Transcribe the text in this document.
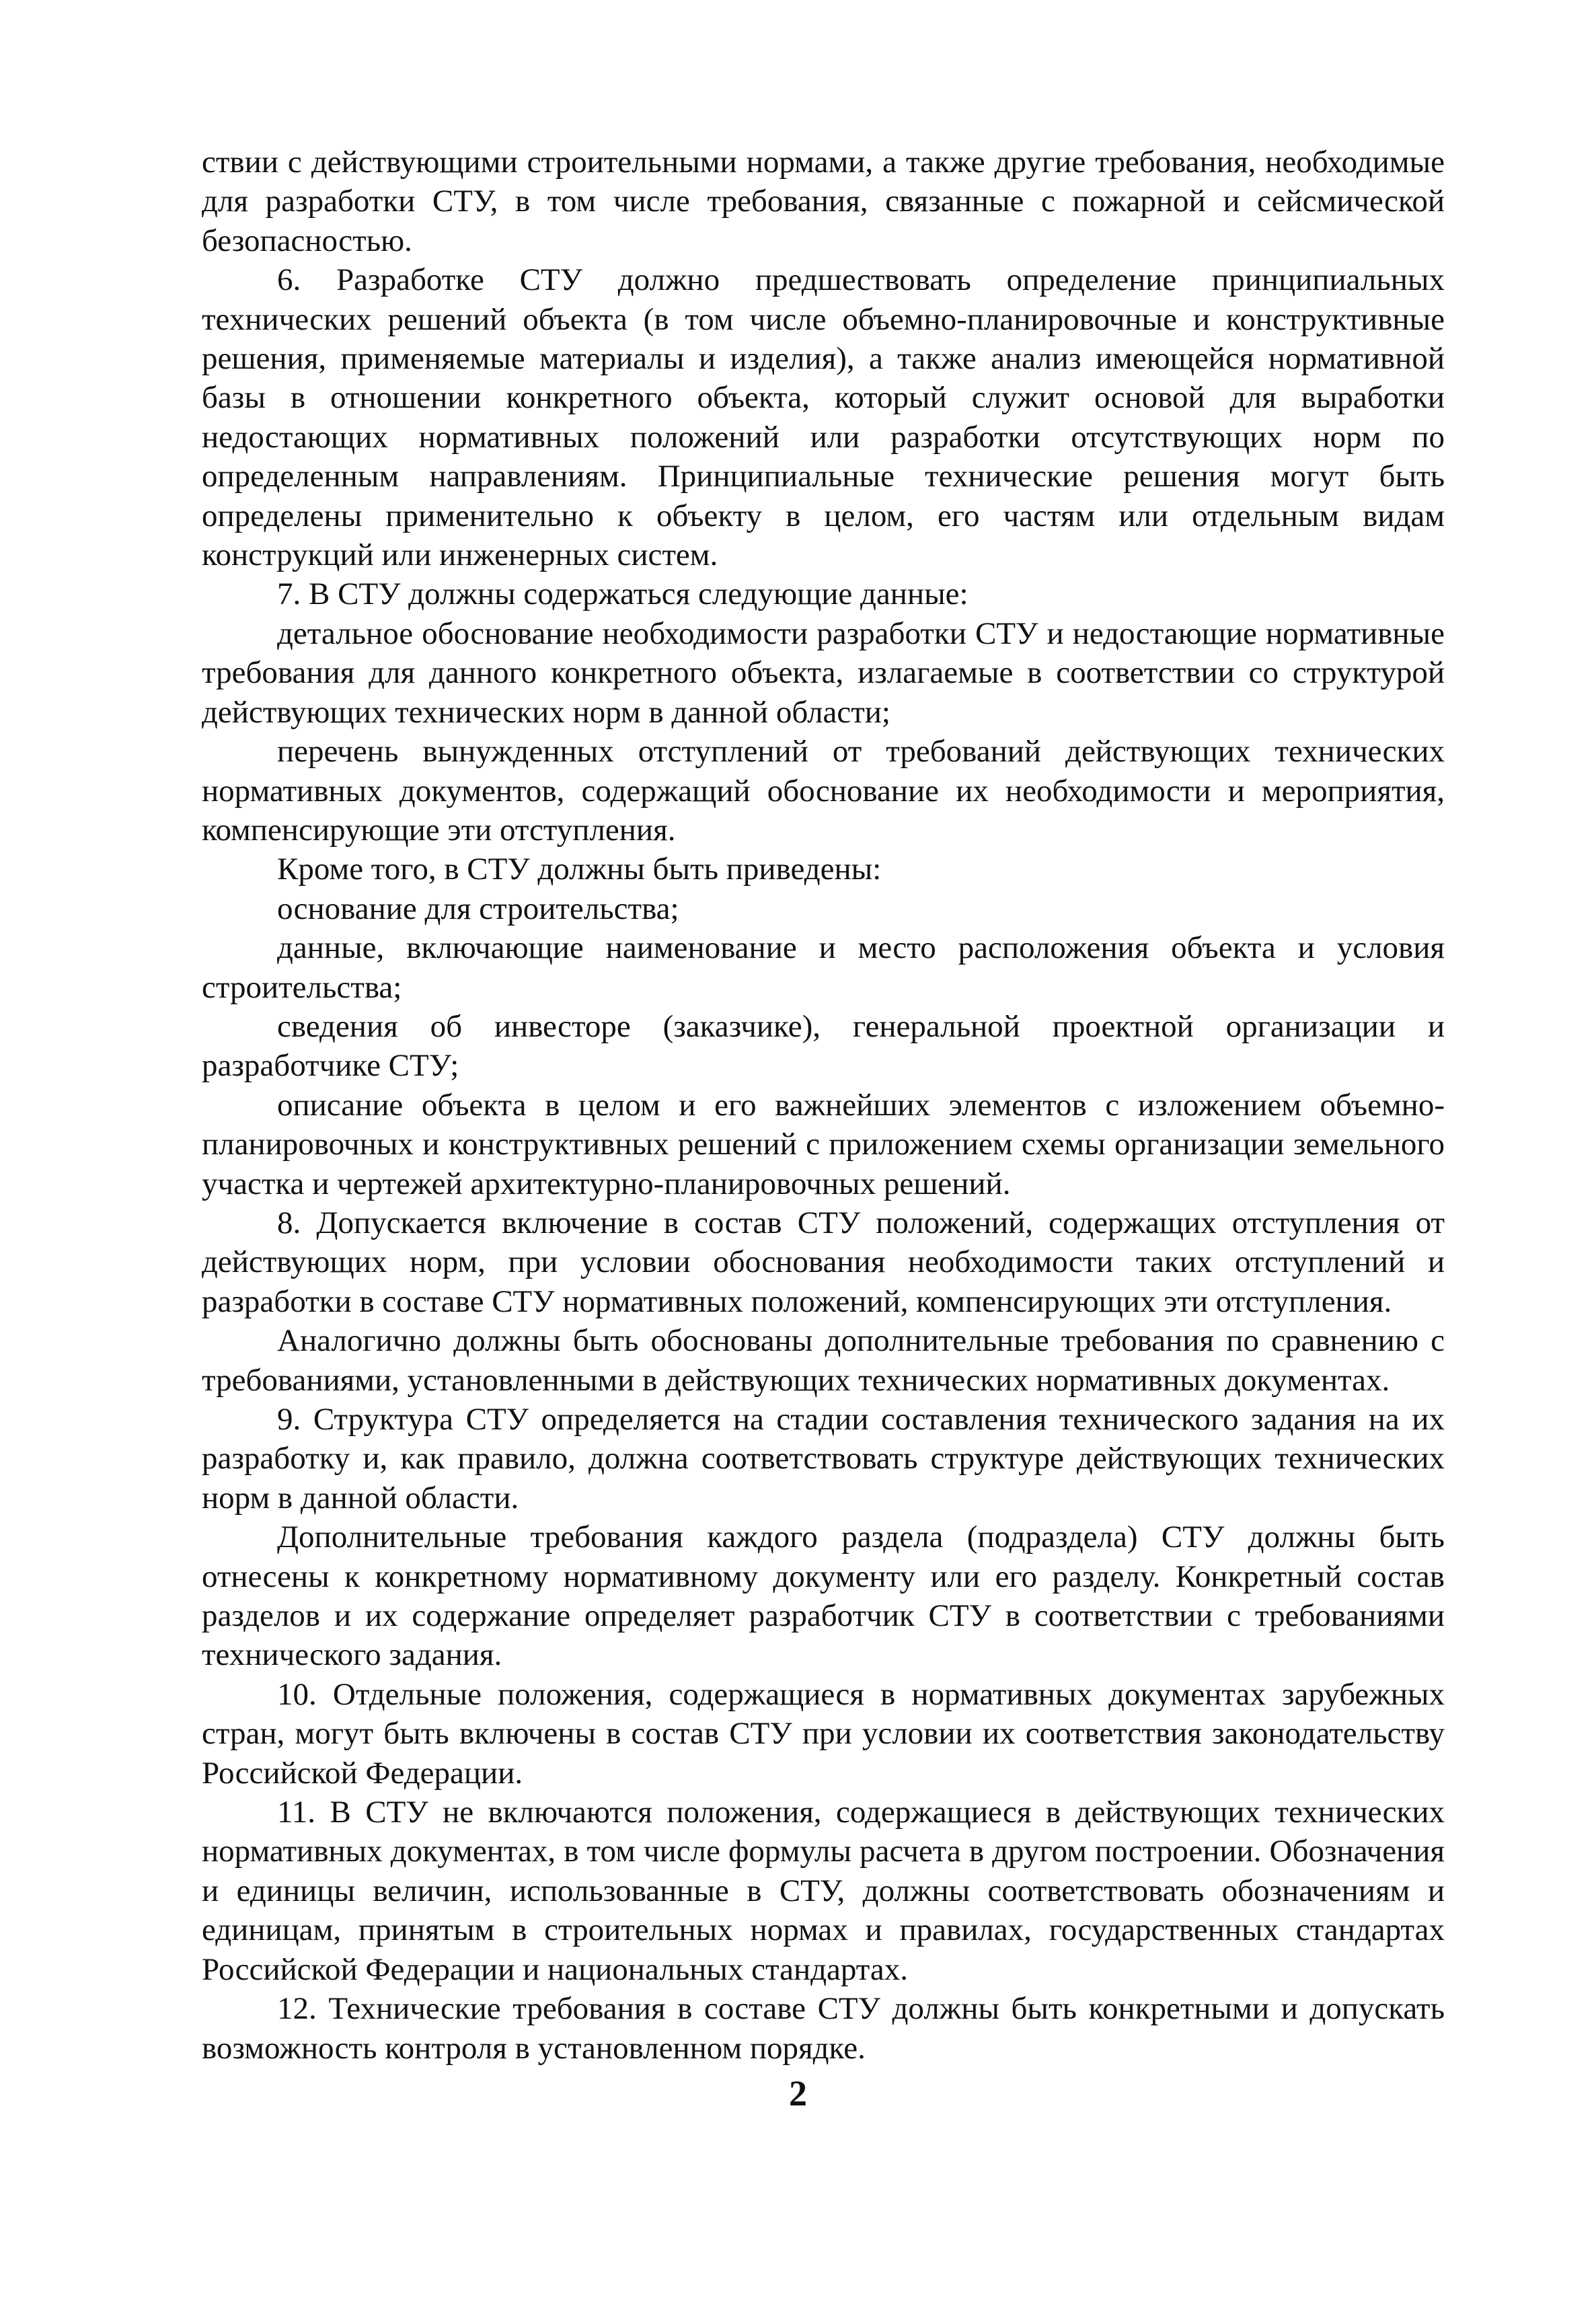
ствии с действующими строительными нормами, а также другие требования, необходимые для разработки СТУ, в том числе требования, связанные с пожарной и сейсмической безопасностью.

6. Разработке СТУ должно предшествовать определение принципиальных технических решений объекта (в том числе объемно-планировочные и конструктивные решения, применяемые материалы и изделия), а также анализ имеющейся нормативной базы в отношении конкретного объекта, который служит основой для выработки недостающих нормативных положений или разработки отсутствующих норм по определенным направлениям. Принципиальные технические решения могут быть определены применительно к объекту в целом, его частям или отдельным видам конструкций или инженерных систем.

7. В СТУ должны содержаться следующие данные:

детальное обоснование необходимости разработки СТУ и недостающие нормативные требования для данного конкретного объекта, излагаемые в соответствии со структурой действующих технических норм в данной области;

перечень вынужденных отступлений от требований действующих технических нормативных документов, содержащий обоснование их необходимости и мероприятия, компенсирующие эти отступления.

Кроме того, в СТУ должны быть приведены:

основание для строительства;

данные, включающие наименование и место расположения объекта и условия строительства;

сведения об инвесторе (заказчике), генеральной проектной организации и разработчике СТУ;

описание объекта в целом и его важнейших элементов с изложением объемно-планировочных и конструктивных решений с приложением схемы организации земельного участка и чертежей архитектурно-планировочных решений.

8. Допускается включение в состав СТУ положений, содержащих отступления от действующих норм, при условии обоснования необходимости таких отступлений и разработки в составе СТУ нормативных положений, компенсирующих эти отступления.

Аналогично должны быть обоснованы дополнительные требования по сравнению с требованиями, установленными в действующих технических нормативных документах.

9. Структура СТУ определяется на стадии составления технического задания на их разработку и, как правило, должна соответствовать структуре действующих технических норм в данной области.

Дополнительные требования каждого раздела (подраздела) СТУ должны быть отнесены к конкретному нормативному документу или его разделу. Конкретный состав разделов и их содержание определяет разработчик СТУ в соответствии с требованиями технического задания.

10. Отдельные положения, содержащиеся в нормативных документах зарубежных стран, могут быть включены в состав СТУ при условии их соответствия законодательству Российской Федерации.

11. В СТУ не включаются положения, содержащиеся в действующих технических нормативных документах, в том числе формулы расчета в другом построении. Обозначения и единицы величин, использованные в СТУ, должны соответствовать обозначениям и единицам, принятым в строительных нормах и правилах, государственных стандартах Российской Федерации и национальных стандартах.

12. Технические требования в составе СТУ должны быть конкретными и допускать возможность контроля в установленном порядке.

2
